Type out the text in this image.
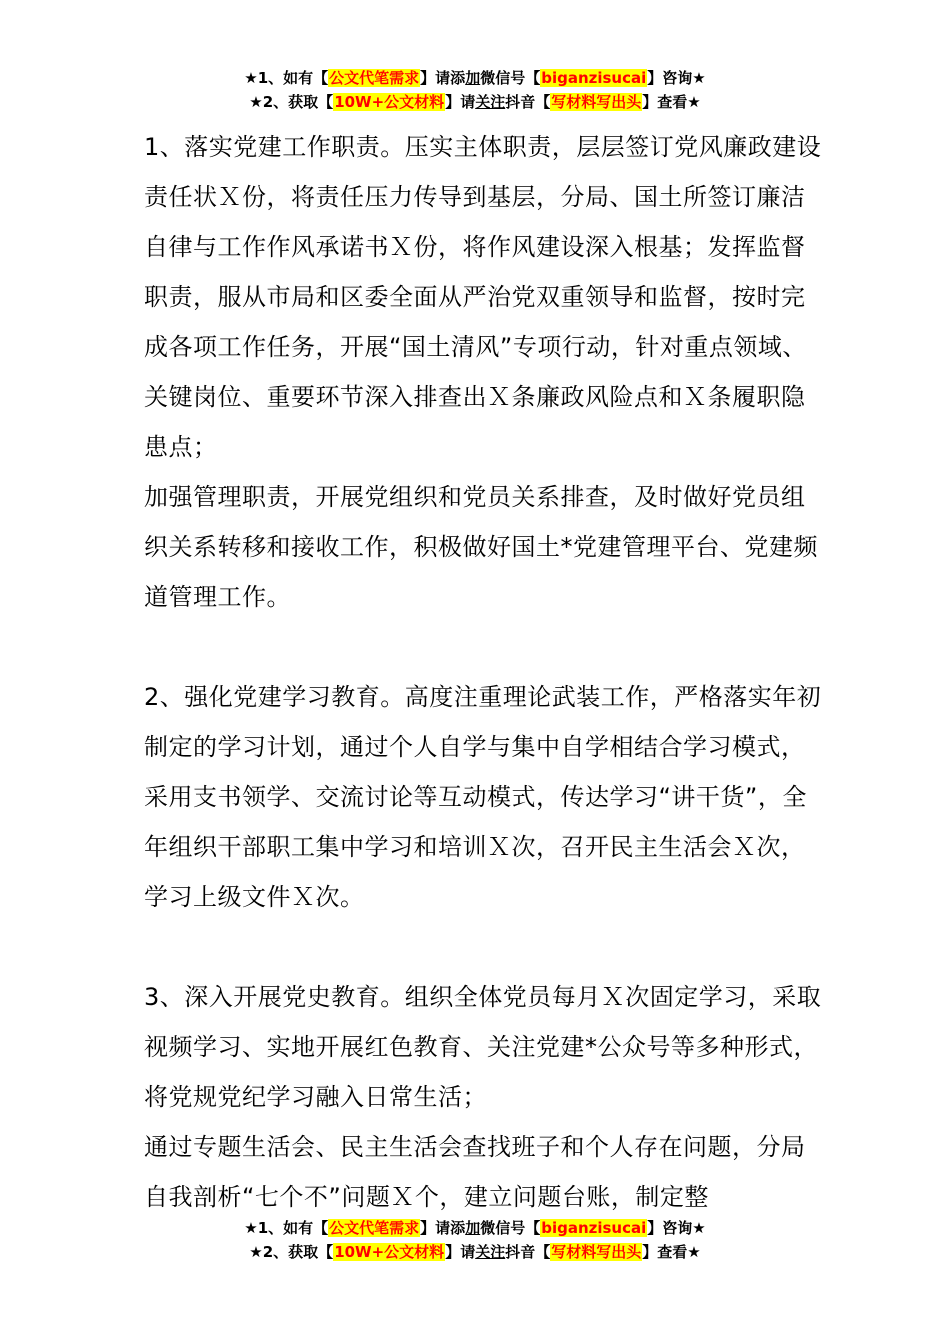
★1、如有【公文代笔需求】请添加微信号【biganzisucai】咨询★
★2、获取【10W+公文材料】请关注抖音【写材料写出头】查看★

1、落实党建工作职责。压实主体职责，层层签订党风廉政建设责任状Ｘ份，将责任压力传导到基层，分局、国土所签订廉洁自律与工作作风承诺书Ｘ份，将作风建设深入根基；发挥监督职责，服从市局和区委全面从严治党双重领导和监督，按时完成各项工作任务，开展“国土清风”专项行动，针对重点领域、关键岗位、重要环节深入排查出Ｘ条廉政风险点和Ｘ条履职隐患点；

加强管理职责，开展党组织和党员关系排查，及时做好党员组织关系转移和接收工作，积极做好国土*党建管理平台、党建频道管理工作。

2、强化党建学习教育。高度注重理论武装工作，严格落实年初制定的学习计划，通过个人自学与集中自学相结合学习模式，采用支书领学、交流讨论等互动模式，传达学习“讲干货”，全年组织干部职工集中学习和培训Ｘ次，召开民主生活会Ｘ次，学习上级文件Ｘ次。

3、深入开展党史教育。组织全体党员每月Ｘ次固定学习，采取视频学习、实地开展红色教育、关注党建*公众号等多种形式，将党规党纪学习融入日常生活；

通过专题生活会、民主生活会查找班子和个人存在问题，分局自我剖析“七个不”问题Ｘ个，建立问题台账，制定整

★1、如有【公文代笔需求】请添加微信号【biganzisucai】咨询★
★2、获取【10W+公文材料】请关注抖音【写材料写出头】查看★
